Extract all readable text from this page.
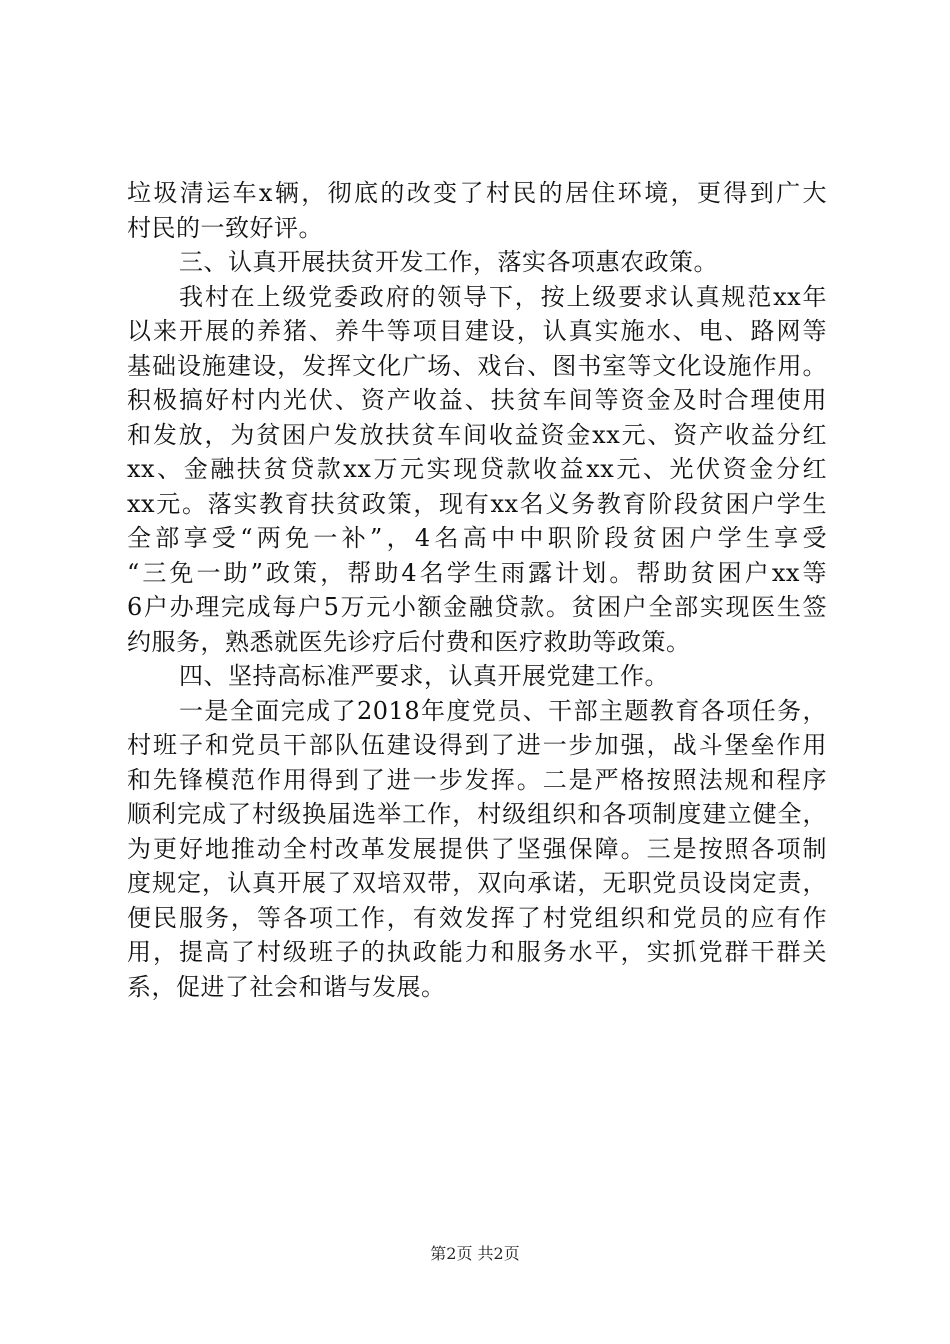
垃圾清运车x辆，彻底的改变了村民的居住环境，更得到广大
村民的一致好评。
三、认真开展扶贫开发工作，落实各项惠农政策。
我村在上级党委政府的领导下，按上级要求认真规范xx年
以来开展的养猪、养牛等项目建设，认真实施水、电、路网等
基础设施建设，发挥文化广场、戏台、图书室等文化设施作用。
积极搞好村内光伏、资产收益、扶贫车间等资金及时合理使用
和发放，为贫困户发放扶贫车间收益资金xx元、资产收益分红
xx、金融扶贫贷款xx万元实现贷款收益xx元、光伏资金分红
xx元。落实教育扶贫政策，现有xx名义务教育阶段贫困户学生
全部享受“两免一补”，4名高中中职阶段贫困户学生享受
“三免一助”政策，帮助4名学生雨露计划。帮助贫困户xx等
6户办理完成每户5万元小额金融贷款。贫困户全部实现医生签
约服务，熟悉就医先诊疗后付费和医疗救助等政策。
四、坚持高标准严要求，认真开展党建工作。
一是全面完成了2018年度党员、干部主题教育各项任务，
村班子和党员干部队伍建设得到了进一步加强，战斗堡垒作用
和先锋模范作用得到了进一步发挥。二是严格按照法规和程序
顺利完成了村级换届选举工作，村级组织和各项制度建立健全，
为更好地推动全村改革发展提供了坚强保障。三是按照各项制
度规定，认真开展了双培双带，双向承诺，无职党员设岗定责，
便民服务，等各项工作，有效发挥了村党组织和党员的应有作
用，提高了村级班子的执政能力和服务水平，实抓党群干群关
系，促进了社会和谐与发展。
第2页 共2页
